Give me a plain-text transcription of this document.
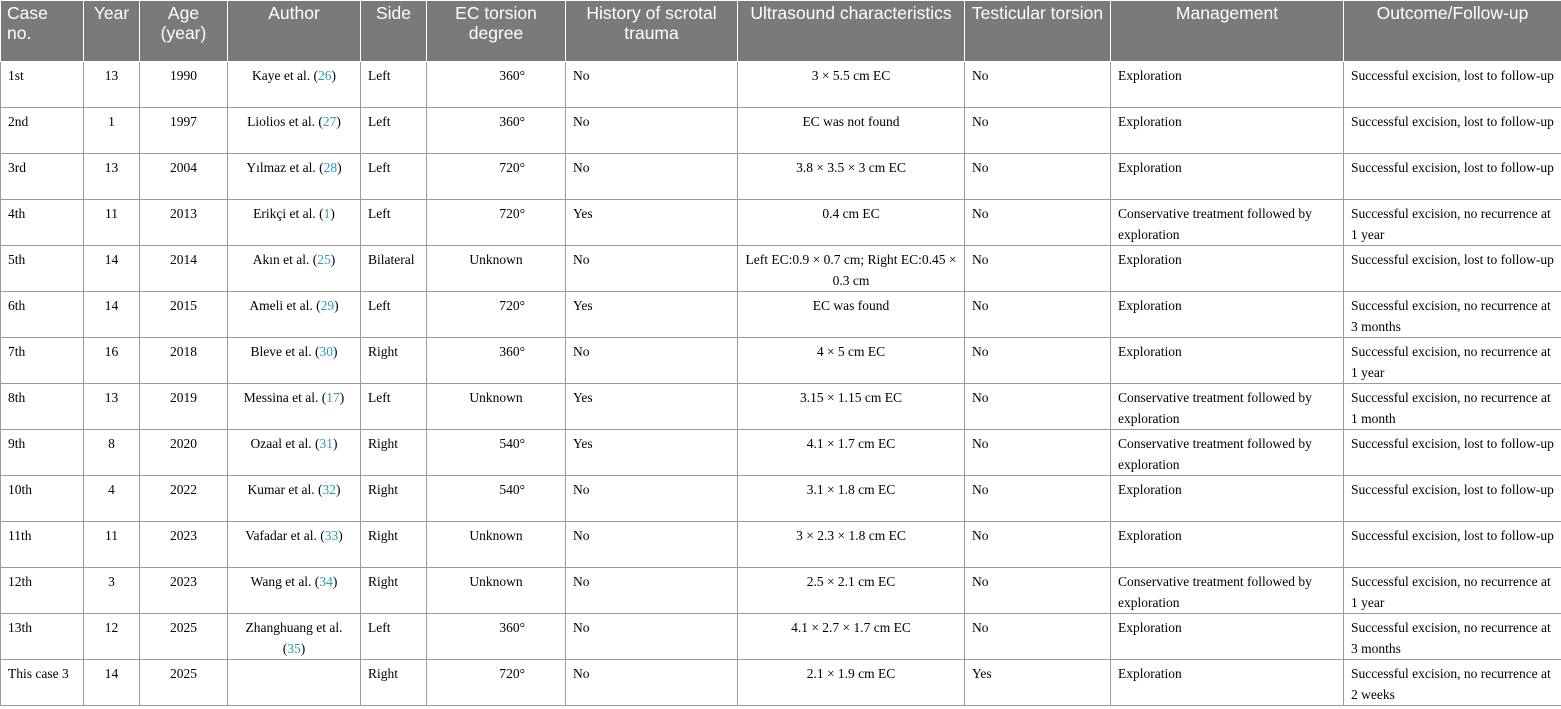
Case no.	Year	Age (year)	Author	Side	EC torsion degree	History of scrotal trauma	Ultrasound characteristics	Testicular torsion	Management	Outcome/Follow-up
1st	13	1990	Kaye et al. (26)	Left	360°	No	3 × 5.5 cm EC	No	Exploration	Successful excision, lost to follow-up
2nd	1	1997	Liolios et al. (27)	Left	360°	No	EC was not found	No	Exploration	Successful excision, lost to follow-up
3rd	13	2004	Yılmaz et al. (28)	Left	720°	No	3.8 × 3.5 × 3 cm EC	No	Exploration	Successful excision, lost to follow-up
4th	11	2013	Erikçi et al. (1)	Left	720°	Yes	0.4 cm EC	No	Conservative treatment followed by exploration	Successful excision, no recurrence at 1 year
5th	14	2014	Akın et al. (25)	Bilateral	Unknown	No	Left EC:0.9 × 0.7 cm; Right EC:0.45 × 0.3 cm	No	Exploration	Successful excision, lost to follow-up
6th	14	2015	Ameli et al. (29)	Left	720°	Yes	EC was found	No	Exploration	Successful excision, no recurrence at 3 months
7th	16	2018	Bleve et al. (30)	Right	360°	No	4 × 5 cm EC	No	Exploration	Successful excision, no recurrence at 1 year
8th	13	2019	Messina et al. (17)	Left	Unknown	Yes	3.15 × 1.15 cm EC	No	Conservative treatment followed by exploration	Successful excision, no recurrence at 1 month
9th	8	2020	Ozaal et al. (31)	Right	540°	Yes	4.1 × 1.7 cm EC	No	Conservative treatment followed by exploration	Successful excision, lost to follow-up
10th	4	2022	Kumar et al. (32)	Right	540°	No	3.1 × 1.8 cm EC	No	Exploration	Successful excision, lost to follow-up
11th	11	2023	Vafadar et al. (33)	Right	Unknown	No	3 × 2.3 × 1.8 cm EC	No	Exploration	Successful excision, lost to follow-up
12th	3	2023	Wang et al. (34)	Right	Unknown	No	2.5 × 2.1 cm EC	No	Conservative treatment followed by exploration	Successful excision, no recurrence at 1 year
13th	12	2025	Zhanghuang et al. (35)	Left	360°	No	4.1 × 2.7 × 1.7 cm EC	No	Exploration	Successful excision, no recurrence at 3 months
This case 3	14	2025		Right	720°	No	2.1 × 1.9 cm EC	Yes	Exploration	Successful excision, no recurrence at 2 weeks
